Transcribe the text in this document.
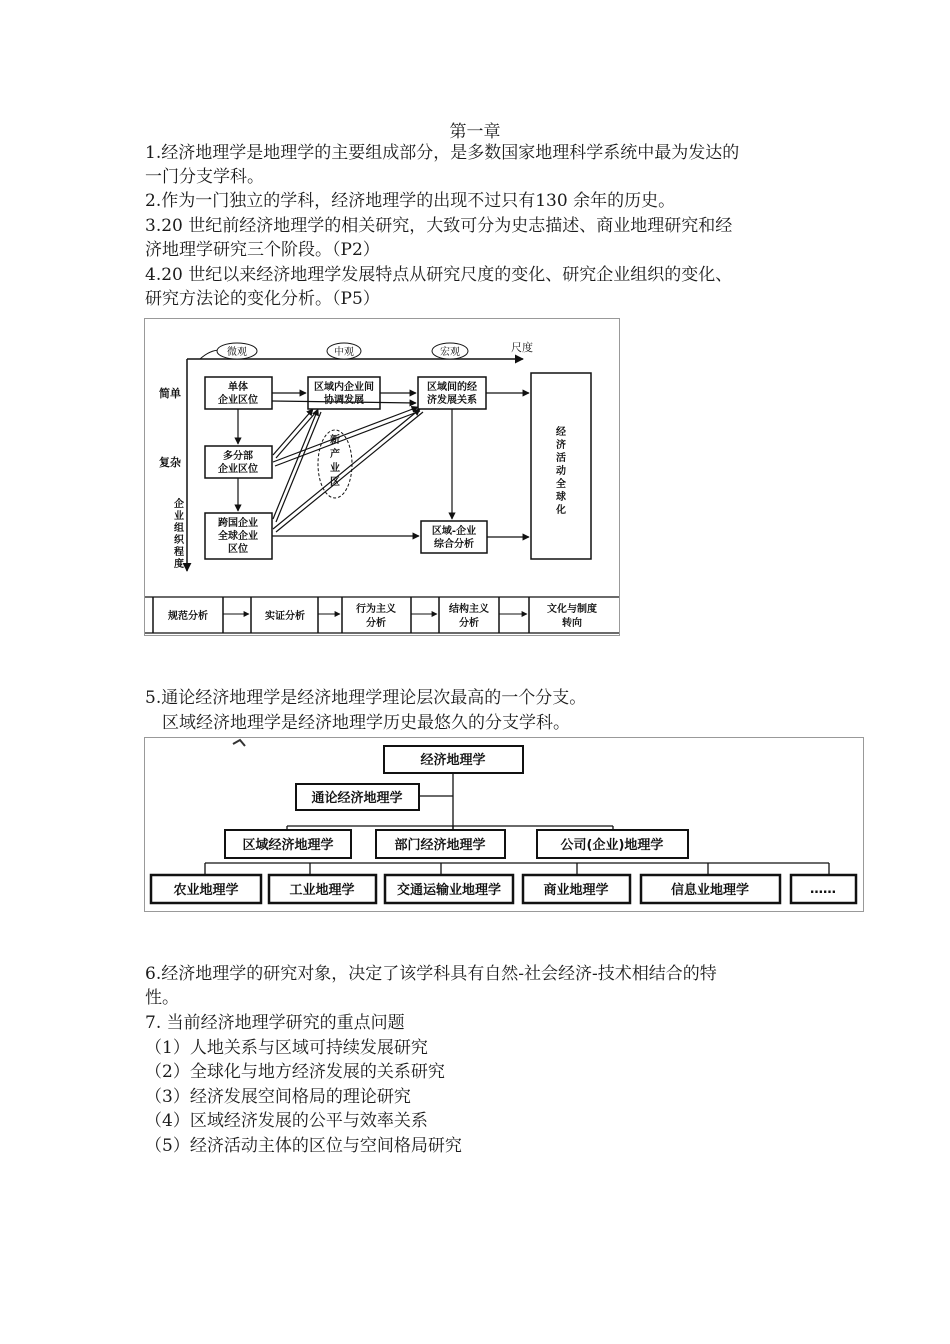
第一章
1.经济地理学是地理学的主要组成部分，是多数国家地理科学系统中最为发达的
一门分支学科。
2.作为一门独立的学科，经济地理学的出现不过只有130 余年的历史。
3.20 世纪前经济地理学的相关研究，大致可分为史志描述、商业地理研究和经
济地理学研究三个阶段。（P2）
4.20 世纪以来经济地理学发展特点从研究尺度的变化、研究企业组织的变化、
研究方法论的变化分析。（P5）
微观	中观	宏观	尺度
简单
复杂
企
业
组
织
程
度
单体
企业区位
区域内企业间
协调发展
区域间的经
济发展关系
多分部
企业区位
跨国企业
全球企业
区位
区域-企业
综合分析
经
济
活
动
全
球
化
新
产
业
区
规范分析	实证分析
行为主义
分析
结构主义
分析
文化与制度
转向
5.通论经济地理学是经济地理学理论层次最高的一个分支。
区域经济地理学是经济地理学历史最悠久的分支学科。
经济地理学
通论经济地理学
区域经济地理学	部门经济地理学	公司(企业)地理学
农业地理学	工业地理学	交通运输业地理学	商业地理学	信息业地理学	……
6.经济地理学的研究对象，决定了该学科具有自然-社会经济-技术相结合的特
性。
7. 当前经济地理学研究的重点问题
（1）人地关系与区域可持续发展研究
（2）全球化与地方经济发展的关系研究
（3）经济发展空间格局的理论研究
（4）区域经济发展的公平与效率关系
（5）经济活动主体的区位与空间格局研究
